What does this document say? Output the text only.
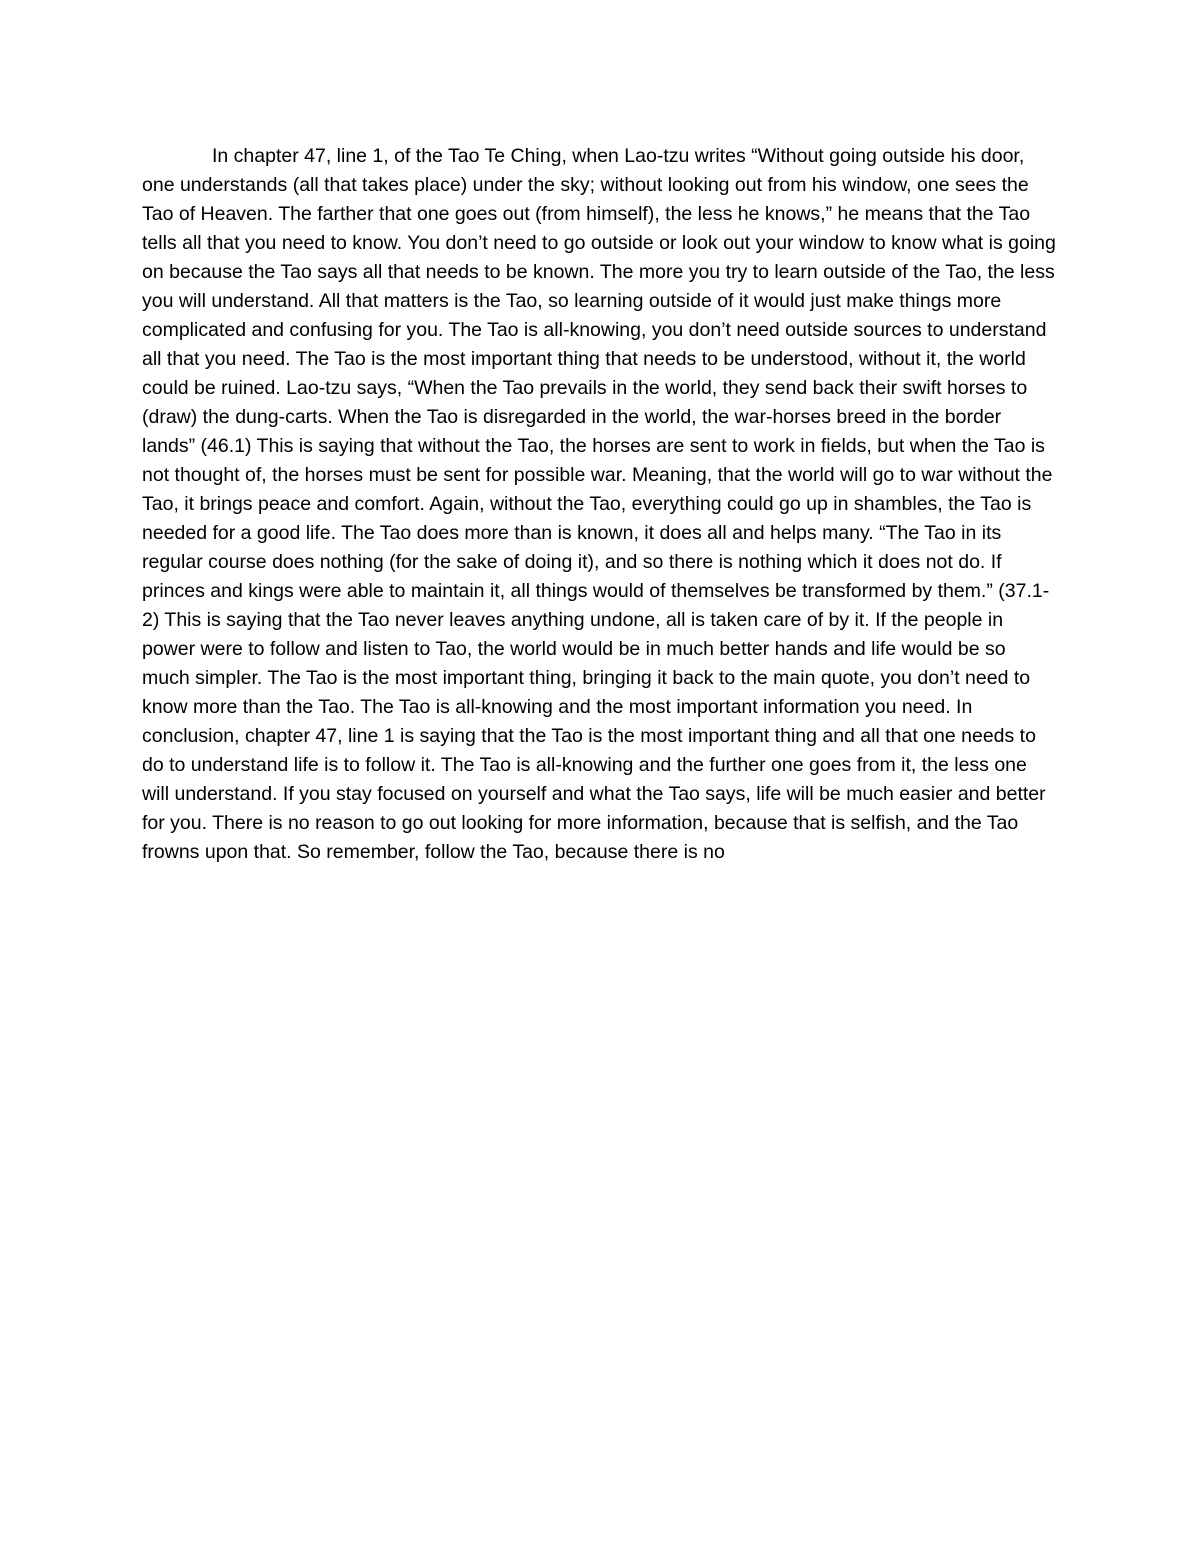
In chapter 47, line 1, of the Tao Te Ching, when Lao-tzu writes “Without going outside his door, one understands (all that takes place) under the sky; without looking out from his window, one sees the Tao of Heaven. The farther that one goes out (from himself), the less he knows,” he means that the Tao tells all that you need to know. You don’t need to go outside or look out your window to know what is going on because the Tao says all that needs to be known. The more you try to learn outside of the Tao, the less you will understand. All that matters is the Tao, so learning outside of it would just make things more complicated and confusing for you. The Tao is all-knowing, you don’t need outside sources to understand all that you need. The Tao is the most important thing that needs to be understood, without it, the world could be ruined. Lao-tzu says, “When the Tao prevails in the world, they send back their swift horses to (draw) the dung-carts. When the Tao is disregarded in the world, the war-horses breed in the border lands” (46.1) This is saying that without the Tao, the horses are sent to work in fields, but when the Tao is not thought of, the horses must be sent for possible war. Meaning, that the world will go to war without the Tao, it brings peace and comfort. Again, without the Tao, everything could go up in shambles, the Tao is needed for a good life. The Tao does more than is known, it does all and helps many. “The Tao in its regular course does nothing (for the sake of doing it), and so there is nothing which it does not do. If princes and kings were able to maintain it, all things would of themselves be transformed by them.” (37.1-2) This is saying that the Tao never leaves anything undone, all is taken care of by it. If the people in power were to follow and listen to Tao, the world would be in much better hands and life would be so much simpler. The Tao is the most important thing, bringing it back to the main quote, you don’t need to know more than the Tao. The Tao is all-knowing and the most important information you need. In conclusion, chapter 47, line 1 is saying that the Tao is the most important thing and all that one needs to do to understand life is to follow it. The Tao is all-knowing and the further one goes from it, the less one will understand. If you stay focused on yourself and what the Tao says, life will be much easier and better for you. There is no reason to go out looking for more information, because that is selfish, and the Tao frowns upon that. So remember, follow the Tao, because there is no
